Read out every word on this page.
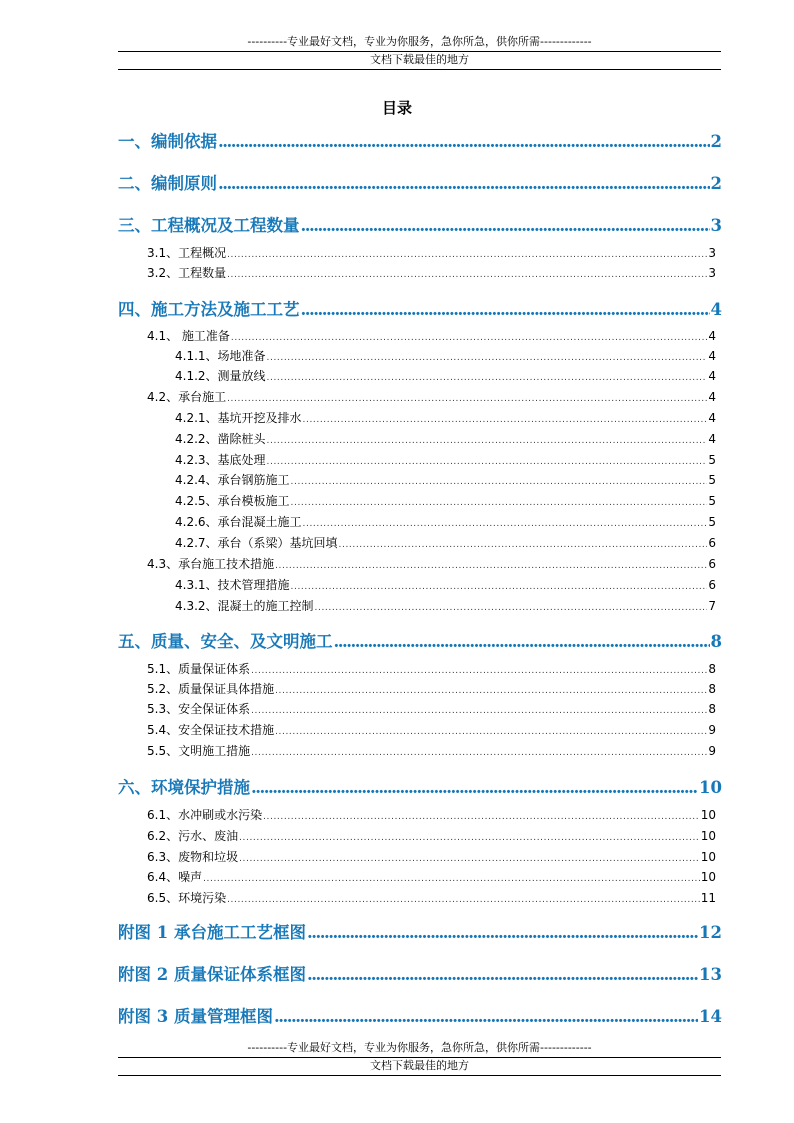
----------专业最好文档，专业为你服务，急你所急，供你所需-------------
文档下载最佳的地方
目录
一、编制依据 .....	2
二、编制原则 .....	2
三、工程概况及工程数量 .....	3
3.1、工程概况 .....	3
3.2、工程数量 .....	3
四、施工方法及施工工艺 .....	4
4.1、 施工准备 .....	4
4.1.1、场地准备 .....	4
4.1.2、测量放线 .....	4
4.2、承台施工 .....	4
4.2.1、基坑开挖及排水 .....	4
4.2.2、凿除桩头 .....	4
4.2.3、基底处理 .....	5
4.2.4、承台钢筋施工 .....	5
4.2.5、承台模板施工 .....	5
4.2.6、承台混凝土施工 .....	5
4.2.7、承台（系梁）基坑回填 .....	6
4.3、承台施工技术措施 .....	6
4.3.1、技术管理措施 .....	6
4.3.2、混凝土的施工控制 .....	7
五、质量、安全、及文明施工 .....	8
5.1、质量保证体系 .....	8
5.2、质量保证具体措施 .....	8
5.3、安全保证体系 .....	8
5.4、安全保证技术措施 .....	9
5.5、文明施工措施 .....	9
六、环境保护措施 .....	10
6.1、水冲刷或水污染 .....	10
6.2、污水、废油 .....	10
6.3、废物和垃圾 .....	10
6.4、噪声 .....	10
6.5、环境污染 .....	11
附图 1 承台施工工艺框图 .....	12
附图 2 质量保证体系框图 .....	13
附图 3 质量管理框图 .....	14
----------专业最好文档，专业为你服务，急你所急，供你所需-------------
文档下载最佳的地方
